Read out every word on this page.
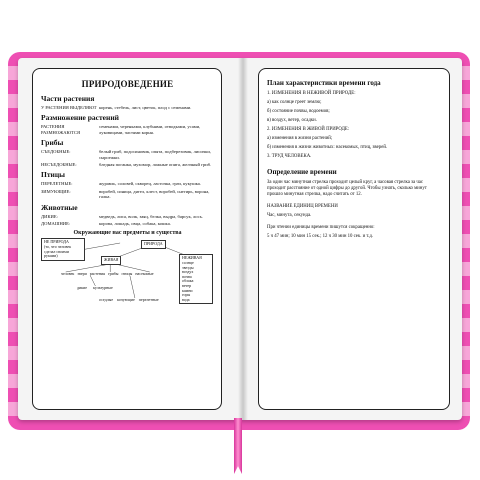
ПРИРОДОВЕДЕНИЕ
Части растения
У РАСТЕНИЯ ВЫДЕЛЯЮТ корень, стебель, лист, цветок, плод с семенами.
Размножение растений
РАСТЕНИЯ РАЗМНОЖАЮТСЯ
семенами, черенками, клубнями, отводками, усами, луковицами, частями корня.
Грибы
СЪЕДОБНЫЕ:	белый гриб, подосиновик, опята, подберезовик, лисички, сыроежки.
НЕСЪЕДОБНЫЕ:	бледная поганка, мухомор, ложные опята, желчный гриб.
Птицы
ПЕРЕЛЕТНЫЕ:	журавль, соловей, скворец, ласточка, грач, кукушка.
ЗИМУЮЩИЕ:	воробей, синица, дятел, клест, воробей, снегирь, ворона, галка.
Животные
ДИКИЕ:	медведь, лиса, волк, заяц, белка, выдра, барсук, лось.
ДОМАШНИЕ:	корова, лошадь, овца, собака, кошка.
Окружающие нас предметы и существа
НЕ ПРИРОДА
(то, что человек сделал своими руками)
ПРИРОДА
ЖИВАЯ	НЕЖИВАЯ
солнце
звезды
воздух
почва
облака
ветер
камни
горы
вода
человек звери растения грибы птицы насекомые
дикие культурные
оседлые кочующие перелетные
План характеристики времени года
1. ИЗМЕНЕНИЯ В НЕЖИВОЙ ПРИРОДЕ:
а) как солнце греет землю;
б) состояние почвы, водоемов;
в) воздух, ветер, осадки.
2. ИЗМЕНЕНИЯ В ЖИВОЙ ПРИРОДЕ:
а) изменения в жизни растений;
б) изменения в жизни животных: насекомых, птиц, зверей.
3. ТРУД ЧЕЛОВЕКА.
Определение времени
За один час минутная стрелка проходит целый круг, а часовая стрелка за час проходит расстояние от одной цифры до другой. Чтобы узнать, сколько минут прошло минутная стрелка, надо считать от 12.
НАЗВАНИЕ ЕДИНИЦ ВРЕМЕНИ
Час, минута, секунда.
При чтении единицы времени пишутся сокращенно:
5 ч 47 мин; 10 мин 15 сек.; 12 ч 30 мин 10 сек. и т.д.
